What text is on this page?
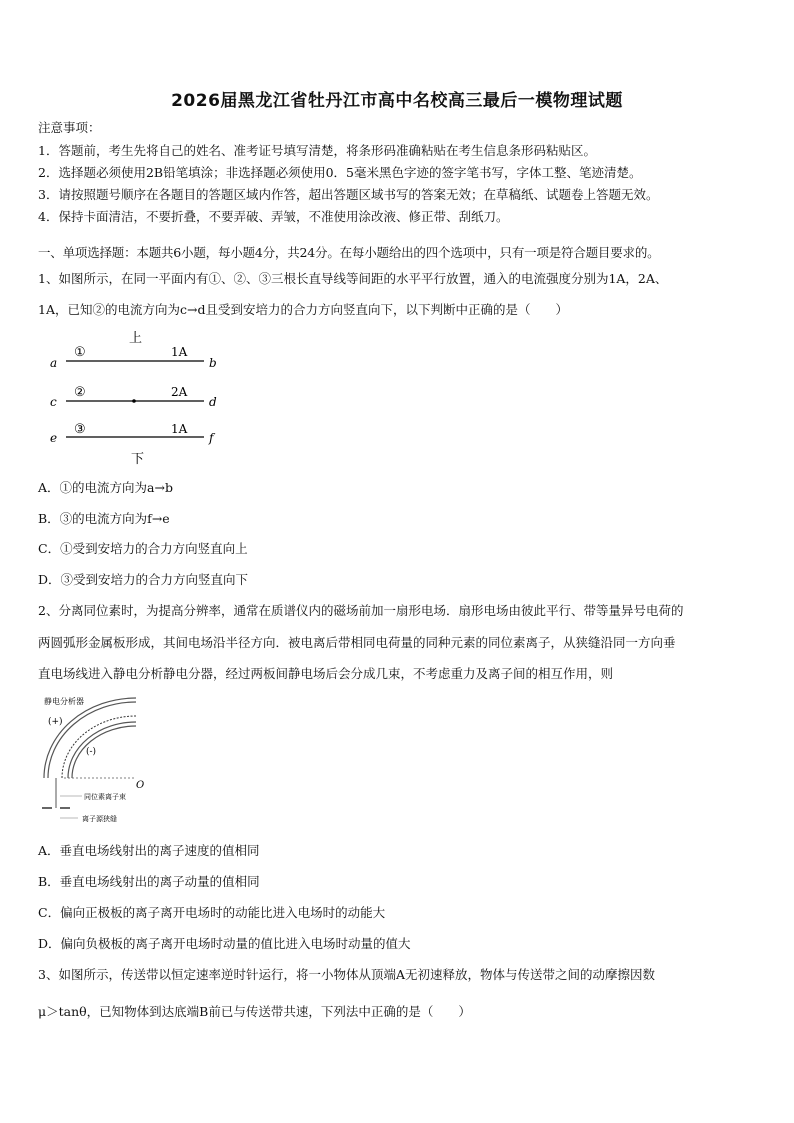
2026届黑龙江省牡丹江市高中名校高三最后一模物理试题
注意事项：
1．答题前，考生先将自己的姓名、准考证号填写清楚，将条形码准确粘贴在考生信息条形码粘贴区。
2．选择题必须使用2B铅笔填涂；非选择题必须使用0．5毫米黑色字迹的签字笔书写，字体工整、笔迹清楚。
3．请按照题号顺序在各题目的答题区域内作答，超出答题区域书写的答案无效；在草稿纸、试题卷上答题无效。
4．保持卡面清洁，不要折叠，不要弄破、弄皱，不准使用涂改液、修正带、刮纸刀。
一、单项选择题：本题共6小题，每小题4分，共24分。在每小题给出的四个选项中，只有一项是符合题目要求的。
1、如图所示，在同一平面内有①、②、③三根长直导线等间距的水平平行放置，通入的电流强度分别为1A，2A、
1A，已知②的电流方向为c→d且受到安培力的合力方向竖直向下，以下判断中正确的是（　　）
上
a
①	1A
b
c
②	2A
d
e
③	1A
f
下
A．①的电流方向为a→b
B．③的电流方向为f→e
C．①受到安培力的合力方向竖直向上
D．③受到安培力的合力方向竖直向下
2、分离同位素时，为提高分辨率，通常在质谱仪内的磁场前加一扇形电场．扇形电场由彼此平行、带等量异号电荷的
两圆弧形金属板形成，其间电场沿半径方向．被电离后带相同电荷量的同种元素的同位素离子，从狭缝沿同一方向垂
直电场线进入静电分析静电分器，经过两板间静电场后会分成几束，不考虑重力及离子间的相互作用，则
静电分析器
(+)
(-)
O
同位素离子束
离子源狭缝
A．垂直电场线射出的离子速度的值相同
B．垂直电场线射出的离子动量的值相同
C．偏向正极板的离子离开电场时的动能比进入电场时的动能大
D．偏向负极板的离子离开电场时动量的值比进入电场时动量的值大
3、如图所示，传送带以恒定速率逆时针运行，将一小物体从顶端A无初速释放，物体与传送带之间的动摩擦因数
μ＞tanθ，已知物体到达底端B前已与传送带共速，下列法中正确的是（　　）
